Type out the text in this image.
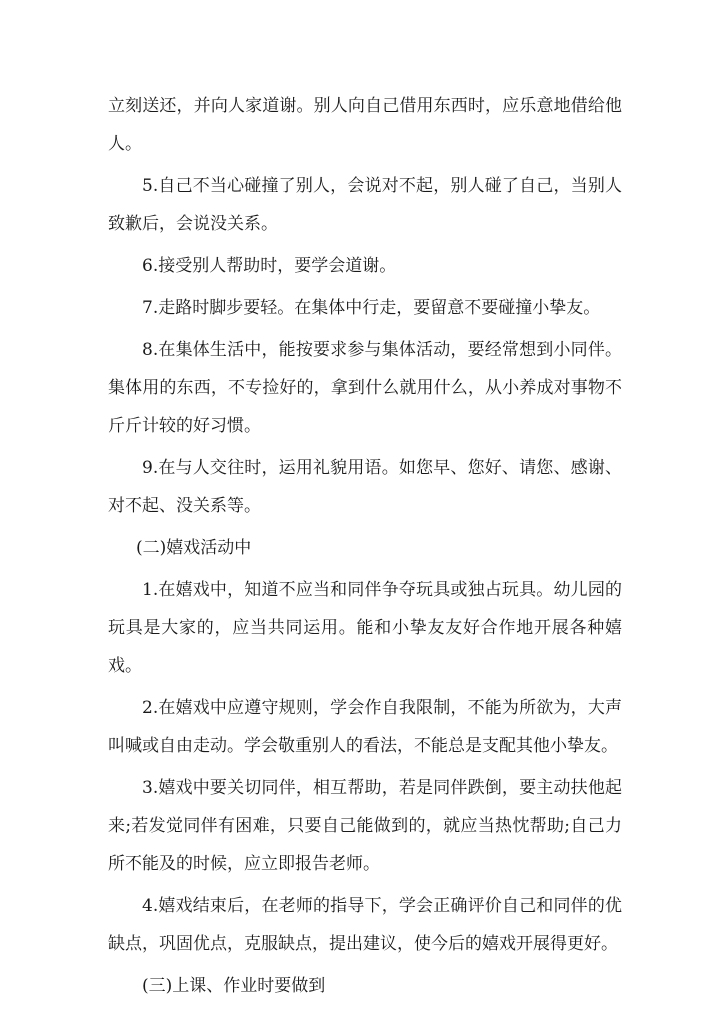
立刻送还，并向人家道谢。别人向自己借用东西时，应乐意地借给他人。

5.自己不当心碰撞了别人，会说对不起，别人碰了自己，当别人致歉后，会说没关系。

6.接受别人帮助时，要学会道谢。

7.走路时脚步要轻。在集体中行走，要留意不要碰撞小挚友。

8.在集体生活中，能按要求参与集体活动，要经常想到小同伴。集体用的东西，不专捡好的，拿到什么就用什么，从小养成对事物不斤斤计较的好习惯。

9.在与人交往时，运用礼貌用语。如您早、您好、请您、感谢、对不起、没关系等。

(二)嬉戏活动中

1.在嬉戏中，知道不应当和同伴争夺玩具或独占玩具。幼儿园的玩具是大家的，应当共同运用。能和小挚友友好合作地开展各种嬉戏。

2.在嬉戏中应遵守规则，学会作自我限制，不能为所欲为，大声叫喊或自由走动。学会敬重别人的看法，不能总是支配其他小挚友。

3.嬉戏中要关切同伴，相互帮助，若是同伴跌倒，要主动扶他起来;若发觉同伴有困难，只要自己能做到的，就应当热忱帮助;自己力所不能及的时候，应立即报告老师。

4.嬉戏结束后，在老师的指导下，学会正确评价自己和同伴的优缺点，巩固优点，克服缺点，提出建议，使今后的嬉戏开展得更好。

(三)上课、作业时要做到
